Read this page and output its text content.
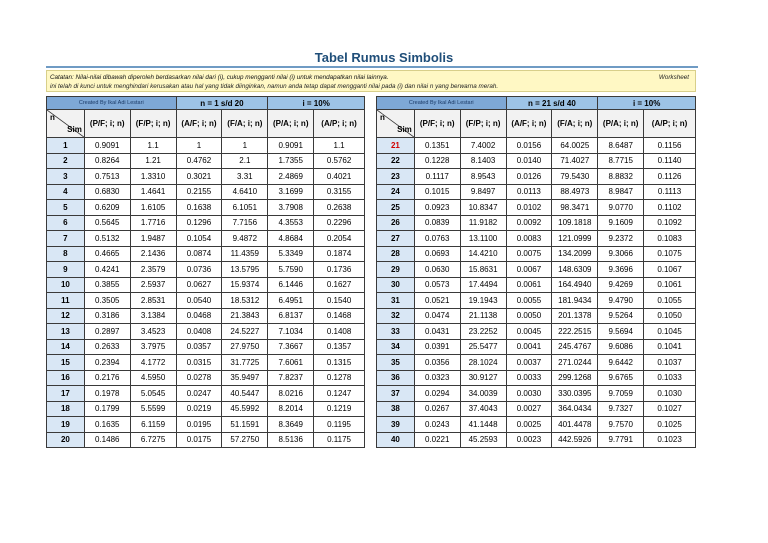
Tabel Rumus Simbolis
Catatan: Nilai-nilai dibawah diperoleh berdasarkan nilai dari (i), cukup mengganti nilai (i) untuk mendapatkan nilai lainnya.
ini telah di kunci untuk menghindari kerusakan atau hal yang tidak diinginkan, namun anda tetap dapat mengganti nilai pada (i) dan nilai n yang berwarna merah.
Worksheet
Created By Ikal Adi Lestari			n = 1 s/d 20		i = 10%	

n
Sim	(P/F; i; n)	(F/P; i; n)	(A/F; i; n)	(F/A; i; n)	(P/A; i; n)	(A/P; i; n)
1	0.9091	1.1	1	1	0.9091	1.1
2	0.8264	1.21	0.4762	2.1	1.7355	0.5762
3	0.7513	1.3310	0.3021	3.31	2.4869	0.4021
4	0.6830	1.4641	0.2155	4.6410	3.1699	0.3155
5	0.6209	1.6105	0.1638	6.1051	3.7908	0.2638
6	0.5645	1.7716	0.1296	7.7156	4.3553	0.2296
7	0.5132	1.9487	0.1054	9.4872	4.8684	0.2054
8	0.4665	2.1436	0.0874	11.4359	5.3349	0.1874
9	0.4241	2.3579	0.0736	13.5795	5.7590	0.1736
10	0.3855	2.5937	0.0627	15.9374	6.1446	0.1627
11	0.3505	2.8531	0.0540	18.5312	6.4951	0.1540
12	0.3186	3.1384	0.0468	21.3843	6.8137	0.1468
13	0.2897	3.4523	0.0408	24.5227	7.1034	0.1408
14	0.2633	3.7975	0.0357	27.9750	7.3667	0.1357
15	0.2394	4.1772	0.0315	31.7725	7.6061	0.1315
16	0.2176	4.5950	0.0278	35.9497	7.8237	0.1278
17	0.1978	5.0545	0.0247	40.5447	8.0216	0.1247
18	0.1799	5.5599	0.0219	45.5992	8.2014	0.1219
19	0.1635	6.1159	0.0195	51.1591	8.3649	0.1195
20	0.1486	6.7275	0.0175	57.2750	8.5136	0.1175
Created By Ikal Adi Lestari			n = 21 s/d 40		i = 10%	

n
Sim	(P/F; i; n)	(F/P; i; n)	(A/F; i; n)	(F/A; i; n)	(P/A; i; n)	(A/P; i; n)
21	0.1351	7.4002	0.0156	64.0025	8.6487	0.1156
22	0.1228	8.1403	0.0140	71.4027	8.7715	0.1140
23	0.1117	8.9543	0.0126	79.5430	8.8832	0.1126
24	0.1015	9.8497	0.0113	88.4973	8.9847	0.1113
25	0.0923	10.8347	0.0102	98.3471	9.0770	0.1102
26	0.0839	11.9182	0.0092	109.1818	9.1609	0.1092
27	0.0763	13.1100	0.0083	121.0999	9.2372	0.1083
28	0.0693	14.4210	0.0075	134.2099	9.3066	0.1075
29	0.0630	15.8631	0.0067	148.6309	9.3696	0.1067
30	0.0573	17.4494	0.0061	164.4940	9.4269	0.1061
31	0.0521	19.1943	0.0055	181.9434	9.4790	0.1055
32	0.0474	21.1138	0.0050	201.1378	9.5264	0.1050
33	0.0431	23.2252	0.0045	222.2515	9.5694	0.1045
34	0.0391	25.5477	0.0041	245.4767	9.6086	0.1041
35	0.0356	28.1024	0.0037	271.0244	9.6442	0.1037
36	0.0323	30.9127	0.0033	299.1268	9.6765	0.1033
37	0.0294	34.0039	0.0030	330.0395	9.7059	0.1030
38	0.0267	37.4043	0.0027	364.0434	9.7327	0.1027
39	0.0243	41.1448	0.0025	401.4478	9.7570	0.1025
40	0.0221	45.2593	0.0023	442.5926	9.7791	0.1023
